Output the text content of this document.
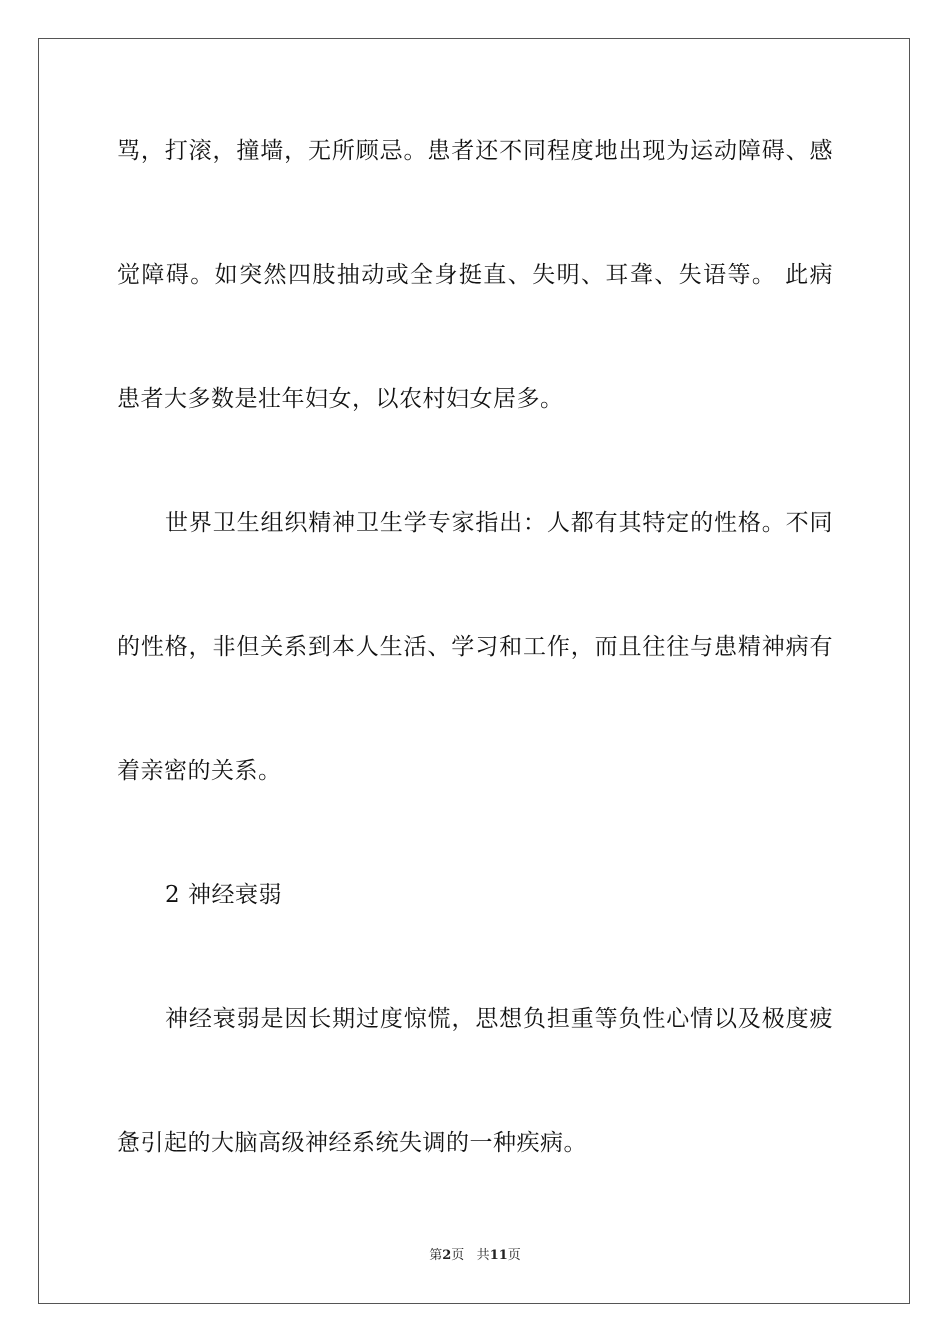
骂，打滚，撞墙，无所顾忌。患者还不同程度地出现为运动障碍、感
觉障碍。如突然四肢抽动或全身挺直、失明、耳聋、失语等。 此病
患者大多数是壮年妇女，以农村妇女居多。
世界卫生组织精神卫生学专家指出：人都有其特定的性格。不同
的性格，非但关系到本人生活、学习和工作，而且往往与患精神病有
着亲密的关系。
2 神经衰弱
神经衰弱是因长期过度惊慌，思想负担重等负性心情以及极度疲
惫引起的大脑高级神经系统失调的一种疾病。
第2页 共11页
